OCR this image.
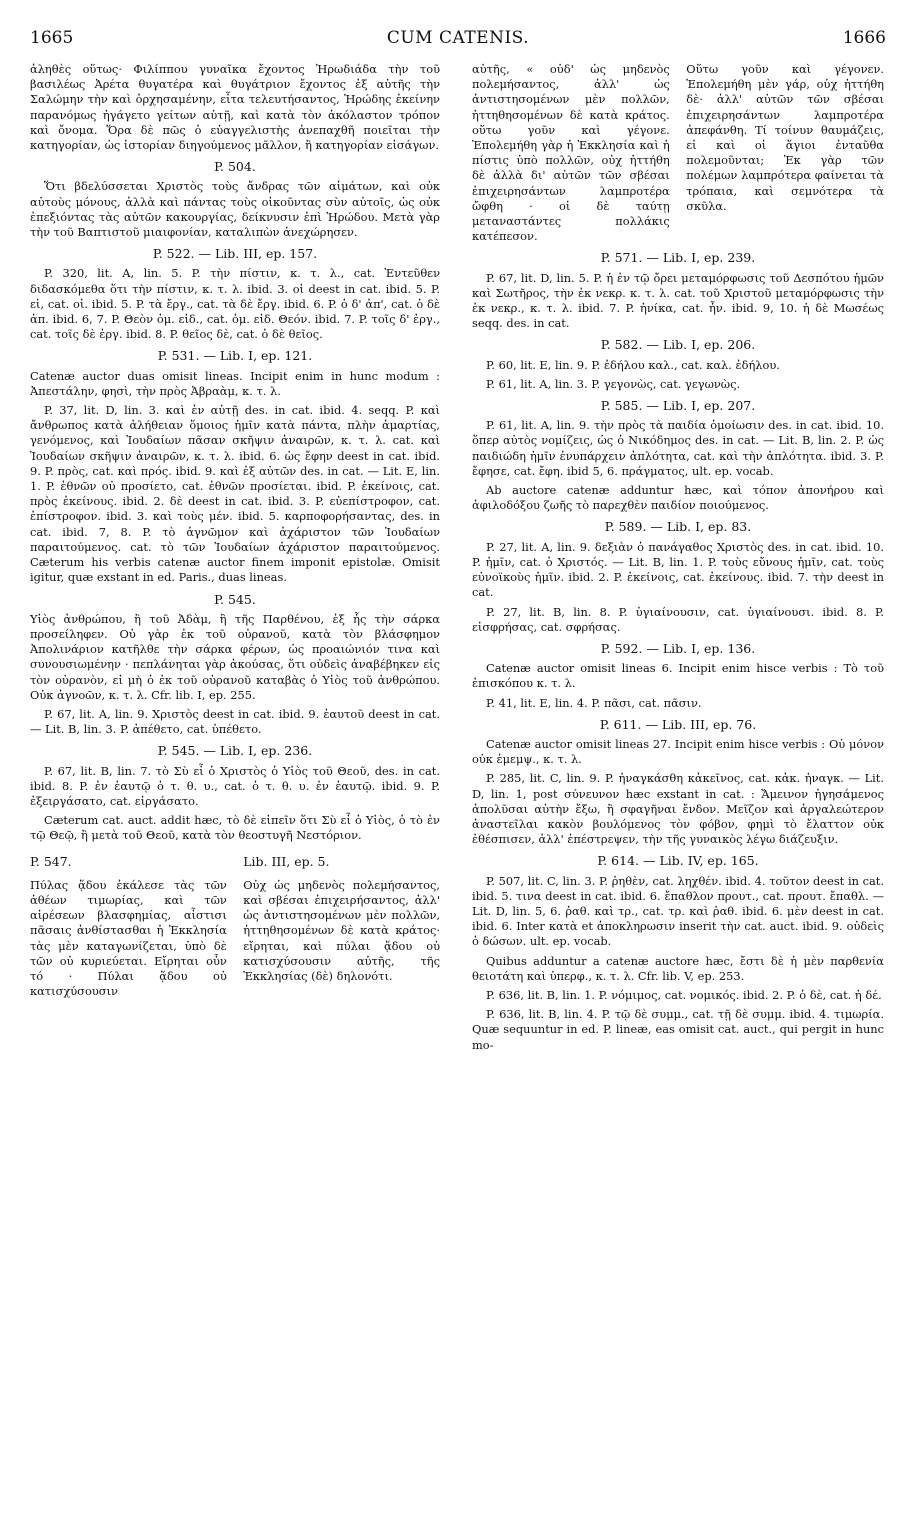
1665	CUM CATENIS.	1666

ἀληθὲς οὕτως· Φιλίππου γυναῖκα ἔχοντος Ἡρωδιάδα τὴν τοῦ βασιλέως Ἀρέτα θυγατέρα καὶ θυγάτριον ἔχοντος ἐξ αὐτῆς τὴν Σαλώμην τὴν καὶ ὀρχησαμένην, εἶτα τελευτήσαντος, Ἡρώδης ἐκείνην παρανόμως ἠγάγετο γείτων αὐτῇ, καὶ κατὰ τὸν ἀκόλαστον τρόπον καὶ ὄνομα. Ὅρα δὲ πῶς ὁ εὐαγγελιστὴς ἀνεπαχθῆ ποιεῖται τὴν κατηγορίαν, ὡς ἱστορίαν διηγούμενος μᾶλλον, ἢ κατηγορίαν εἰσάγων.

P. 504.

Ὅτι βδελύσσεται Χριστὸς τοὺς ἄνδρας τῶν αἱμάτων, καὶ οὐκ αὐτοὺς μόνους, ἀλλὰ καὶ πάντας τοὺς οἰκοῦντας σὺν αὐτοῖς, ὡς οὐκ ἐπεξιόντας τὰς αὐτῶν κακουργίας, δείκνυσιν ἐπὶ Ἡρώδου. Μετὰ γὰρ τὴν τοῦ Βαπτιστοῦ μιαιφονίαν, καταλιπὼν ἀνεχώρησεν.

P. 522. — Lib. III, ep. 157.

P. 320, lit. A, lin. 5. P. τὴν πίστιν, κ. τ. λ., cat. Ἐντεῦθεν διδασκόμεθα ὅτι τὴν πίστιν, κ. τ. λ. ibid. 3. οἱ deest in cat. ibid. 5. P. εἰ, cat. οἱ. ibid. 5. P. τὰ ἔργ., cat. τὰ δὲ ἔργ. ibid. 6. P. ὁ δ' ἀπ', cat. ὁ δὲ ἀπ. ibid. 6, 7. P. Θεὸν ὁμ. εἰδ., cat. ὁμ. εἰδ. Θεόν. ibid. 7. P. τοῖς δ' ἐργ., cat. τοῖς δὲ ἐργ. ibid. 8. P. θεῖος δὲ, cat. ὁ δὲ θεῖος.

P. 531. — Lib. I, ep. 121.

Catenæ auctor duas omisit lineas. Incipit enim in hunc modum : Ἀπεστάλην, φησὶ, τὴν πρὸς Ἀβραὰμ, κ. τ. λ.

P. 37, lit. D, lin. 3. καὶ ἐν αὐτῇ des. in cat. ibid. 4. seqq. P. καὶ ἄνθρωπος κατὰ ἀλήθειαν ὅμοιος ἡμῖν κατὰ πάντα, πλὴν ἁμαρτίας, γενόμενος, καὶ Ἰουδαίων πᾶσαν σκῆψιν ἀναιρῶν, κ. τ. λ. cat. καὶ Ἰουδαίων σκῆψιν ἀναιρῶν, κ. τ. λ. ibid. 6. ὡς ἔφην deest in cat. ibid. 9. P. πρὸς, cat. καὶ πρός. ibid. 9. καὶ ἐξ αὐτῶν des. in cat. — Lit. E, lin. 1. P. ἐθνῶν οὐ προσίετο, cat. ἐθνῶν προσίεται. ibid. P. ἐκείνοις, cat. πρὸς ἐκείνους. ibid. 2. δὲ deest in cat. ibid. 3. P. εὐεπίστροφον, cat. ἐπίστροφον. ibid. 3. καὶ τοὺς μέν. ibid. 5. καρποφορήσαντας, des. in cat. ibid. 7, 8. P. τὸ ἀγνῶμον καὶ ἀχάριστον τῶν Ἰουδαίων παραιτούμενος. cat. τὸ τῶν Ἰουδαίων ἀχάριστον παραιτούμενος. Cæterum his verbis catenæ auctor finem imponit epistolæ. Omisit igitur, quæ exstant in ed. Paris., duas lineas.

P. 545.

Υἱὸς ἀνθρώπου, ἢ τοῦ Ἀδὰμ, ἢ τῆς Παρθένου, ἐξ ἧς τὴν σάρκα προσείληφεν. Οὐ γὰρ ἐκ τοῦ οὐρανοῦ, κατὰ τὸν βλάσφημον Ἀπολινάριον κατῆλθε τὴν σάρκα φέρων, ὡς προαιώνιόν τινα καὶ συνουσιωμένην · πεπλάνηται γὰρ ἀκούσας, ὅτι οὐδεὶς ἀναβέβηκεν εἰς τὸν οὐρανὸν, εἰ μὴ ὁ ἐκ τοῦ οὐρανοῦ καταβὰς ὁ Υἱὸς τοῦ ἀνθρώπου. Οὐκ ἀγνοῶν, κ. τ. λ. Cfr. lib. I, ep. 255.

P. 67, lit. A, lin. 9. Χριστὸς deest in cat. ibid. 9. ἑαυτοῦ deest in cat. — Lit. B, lin. 3. P. ἀπέθετο, cat. ὑπέθετο.

P. 545. — Lib. I, ep. 236.

P. 67, lit. B, lin. 7. τὸ Σὺ εἶ ὁ Χριστὸς ὁ Υἱὸς τοῦ Θεοῦ, des. in cat. ibid. 8. P. ἐν ἑαυτῷ ὁ τ. θ. υ., cat. ὁ τ. θ. υ. ἐν ἑαυτῷ. ibid. 9. P. ἐξειργάσατο, cat. εἰργάσατο.

Cæterum cat. auct. addit hæc, τὸ δὲ εἰπεῖν ὅτι Σὺ εἶ ὁ Υἱὸς, ὁ τὸ ἐν τῷ Θεῷ, ἢ μετὰ τοῦ Θεοῦ, κατὰ τὸν θεοστυγῆ Νεστόριον.

P. 547.	Lib. III, ep. 5.
Πύλας ᾅδου ἐκάλεσε τὰς τῶν ἀθέων τιμωρίας, καὶ τῶν αἱρέσεων βλασφημίας, αἷστισι πᾶσαις ἀνθίστασθαι ἡ Ἐκκλησία τὰς μὲν καταγωνίζεται, ὑπὸ δὲ τῶν οὐ κυριεύεται. Εἴρηται οὖν τό · Πύλαι ᾅδου οὐ κατισχύσουσιν
Οὐχ ὡς μηδενὸς πολεμήσαντος, καὶ σβέσαι ἐπιχειρήσαντος, ἀλλ' ὡς ἀντιστησομένων μὲν πολλῶν, ἡττηθησομένων δὲ κατὰ κράτος· εἴρηται, καὶ πύλαι ᾅδου οὐ κατισχύσουσιν αὐτῆς, τῆς Ἐκκλησίας (δὲ) δηλονότι.
αὐτῆς, « οὐδ' ὡς μηδενὸς πολεμήσαντος, ἀλλ' ὡς ἀντιστησομένων μὲν πολλῶν, ἡττηθησομένων δὲ κατὰ κράτος. οὕτω γοῦν καὶ γέγονε. Ἐπολεμήθη γὰρ ἡ Ἐκκλησία καὶ ἡ πίστις ὑπὸ πολλῶν, οὐχ ἡττήθη δὲ ἀλλὰ δι' αὐτῶν τῶν σβέσαι ἐπιχειρησάντων λαμπροτέρα ὤφθη · οἱ δὲ ταύτῃ μεταναστάντες πολλάκις κατέπεσον.
Οὕτω γοῦν καὶ γέγονεν. Ἐπολεμήθη μὲν γάρ, οὐχ ἡττήθη δὲ· ἀλλ' αὐτῶν τῶν σβέσαι ἐπιχειρησάντων λαμπροτέρα ἀπεφάνθη. Τί τοίνυν θαυμάζεις, εἰ καὶ οἱ ἅγιοι ἐνταῦθα πολεμοῦνται; Ἐκ γὰρ τῶν πολέμων λαμπρότερα φαίνεται τὰ τρόπαια, καὶ σεμνότερα τὰ σκῦλα.
P. 571. — Lib. I, ep. 239.

P. 67, lit. D, lin. 5. P. ἡ ἐν τῷ ὄρει μεταμόρφωσις τοῦ Δεσπότου ἡμῶν καὶ Σωτῆρος, τὴν ἐκ νεκρ. κ. τ. λ. cat. τοῦ Χριστοῦ μεταμόρφωσις τὴν ἐκ νεκρ., κ. τ. λ. ibid. 7. P. ἡνίκα, cat. ἦν. ibid. 9, 10. ἡ δὲ Μωσέως seqq. des. in cat.

P. 582. — Lib. I, ep. 206.

P. 60, lit. E, lin. 9. P. ἐδήλου καλ., cat. καλ. ἐδήλου.

P. 61, lit. A, lin. 3. P. γεγονὼς, cat. γεγωνὼς.

P. 585. — Lib. I, ep. 207.

P. 61, lit. A, lin. 9. τὴν πρὸς τὰ παιδία ὁμοίωσιν des. in cat. ibid. 10. ὅπερ αὐτὸς νομίζεις, ὡς ὁ Νικόδημος des. in cat. — Lit. B, lin. 2. P. ὡς παιδιώδη ἡμῖν ἐνυπάρχειν ἀπλότητα, cat. καὶ τὴν ἁπλότητα. ibid. 3. P. ἔφησε, cat. ἔφη. ibid 5, 6. πράγματος, ult. ep. vocab.

Ab auctore catenæ adduntur hæc, καὶ τόπον ἀπονήρου καὶ ἀφιλοδόξου ζωῆς τὸ παρεχθὲν παιδίον ποιούμενος.

P. 589. — Lib. I, ep. 83.

P. 27, lit. A, lin. 9. δεξιὰν ὁ πανάγαθος Χριστὸς des. in cat. ibid. 10. P. ἡμῖν, cat. ὁ Χριστός. — Lit. B, lin. 1. P. τοὺς εὔνους ἡμῖν, cat. τοὺς εὐνοϊκοὺς ἡμῖν. ibid. 2. P. ἐκείνοις, cat. ἐκείνους. ibid. 7. τὴν deest in cat.

P. 27, lit. B, lin. 8. P. ὑγιαίνουσιν, cat. ὑγιαίνουσι. ibid. 8. P. εἰσφρήσας, cat. σφρήσας.

P. 592. — Lib. I, ep. 136.

Catenæ auctor omisit lineas 6. Incipit enim hisce verbis : Τὸ τοῦ ἐπισκόπου κ. τ. λ.

P. 41, lit. E, lin. 4. P. πᾶσι, cat. πᾶσιν.

P. 611. — Lib. III, ep. 76.

Catenæ auctor omisit lineas 27. Incipit enim hisce verbis : Οὐ μόνον οὐκ ἐμεμψ., κ. τ. λ.

P. 285, lit. C, lin. 9. P. ἠναγκάσθη κἀκεῖνος, cat. κἀκ. ἠναγκ. — Lit. D, lin. 1, post σύνευνον hæc exstant in cat. : Ἄμεινον ἡγησάμενος ἀπολῦσαι αὐτὴν ἔξω, ἢ σφαγῆναι ἔνδον. Μεῖζον καὶ ἀργαλεώτερον ἀναστεῖλαι κακὸν βουλόμενος τὸν φόβον, φημὶ τὸ ἔλαττον οὐκ ἐθέσπισεν, ἀλλ' ἐπέστρεψεν, τὴν τῆς γυναικὸς λέγω διάζευξιν.

P. 614. — Lib. IV, ep. 165.

P. 507, lit. C, lin. 3. P. ῥηθὲν, cat. ληχθέν. ibid. 4. τοῦτον deest in cat. ibid. 5. τινα deest in cat. ibid. 6. ἔπαθλον προυτ., cat. προυτ. ἔπαθλ. — Lit. D, lin. 5, 6. ῥαθ. καὶ τρ., cat. τρ. καὶ ῥαθ. ibid. 6. μὲν deest in cat. ibid. 6. Inter κατὰ et ἀποκληρωσιν inserit τὴν cat. auct. ibid. 9. οὐδεὶς ὁ δώσων. ult. ep. vocab.

Quibus adduntur a catenæ auctore hæc, ἔστι δὲ ἡ μὲν παρθενία θειοτάτη καὶ ὑπερφ., κ. τ. λ. Cfr. lib. V, ep. 253.

P. 636, lit. B, lin. 1. P. νόμιμος, cat. νομικός. ibid. 2. P. ὁ δὲ, cat. ἡ δέ.

P. 636, lit. B, lin. 4. P. τῷ δὲ συμμ., cat. τῇ δὲ συμμ. ibid. 4. τιμωρία. Quæ sequuntur in ed. P. lineæ, eas omisit cat. auct., qui pergit in hunc mo-
